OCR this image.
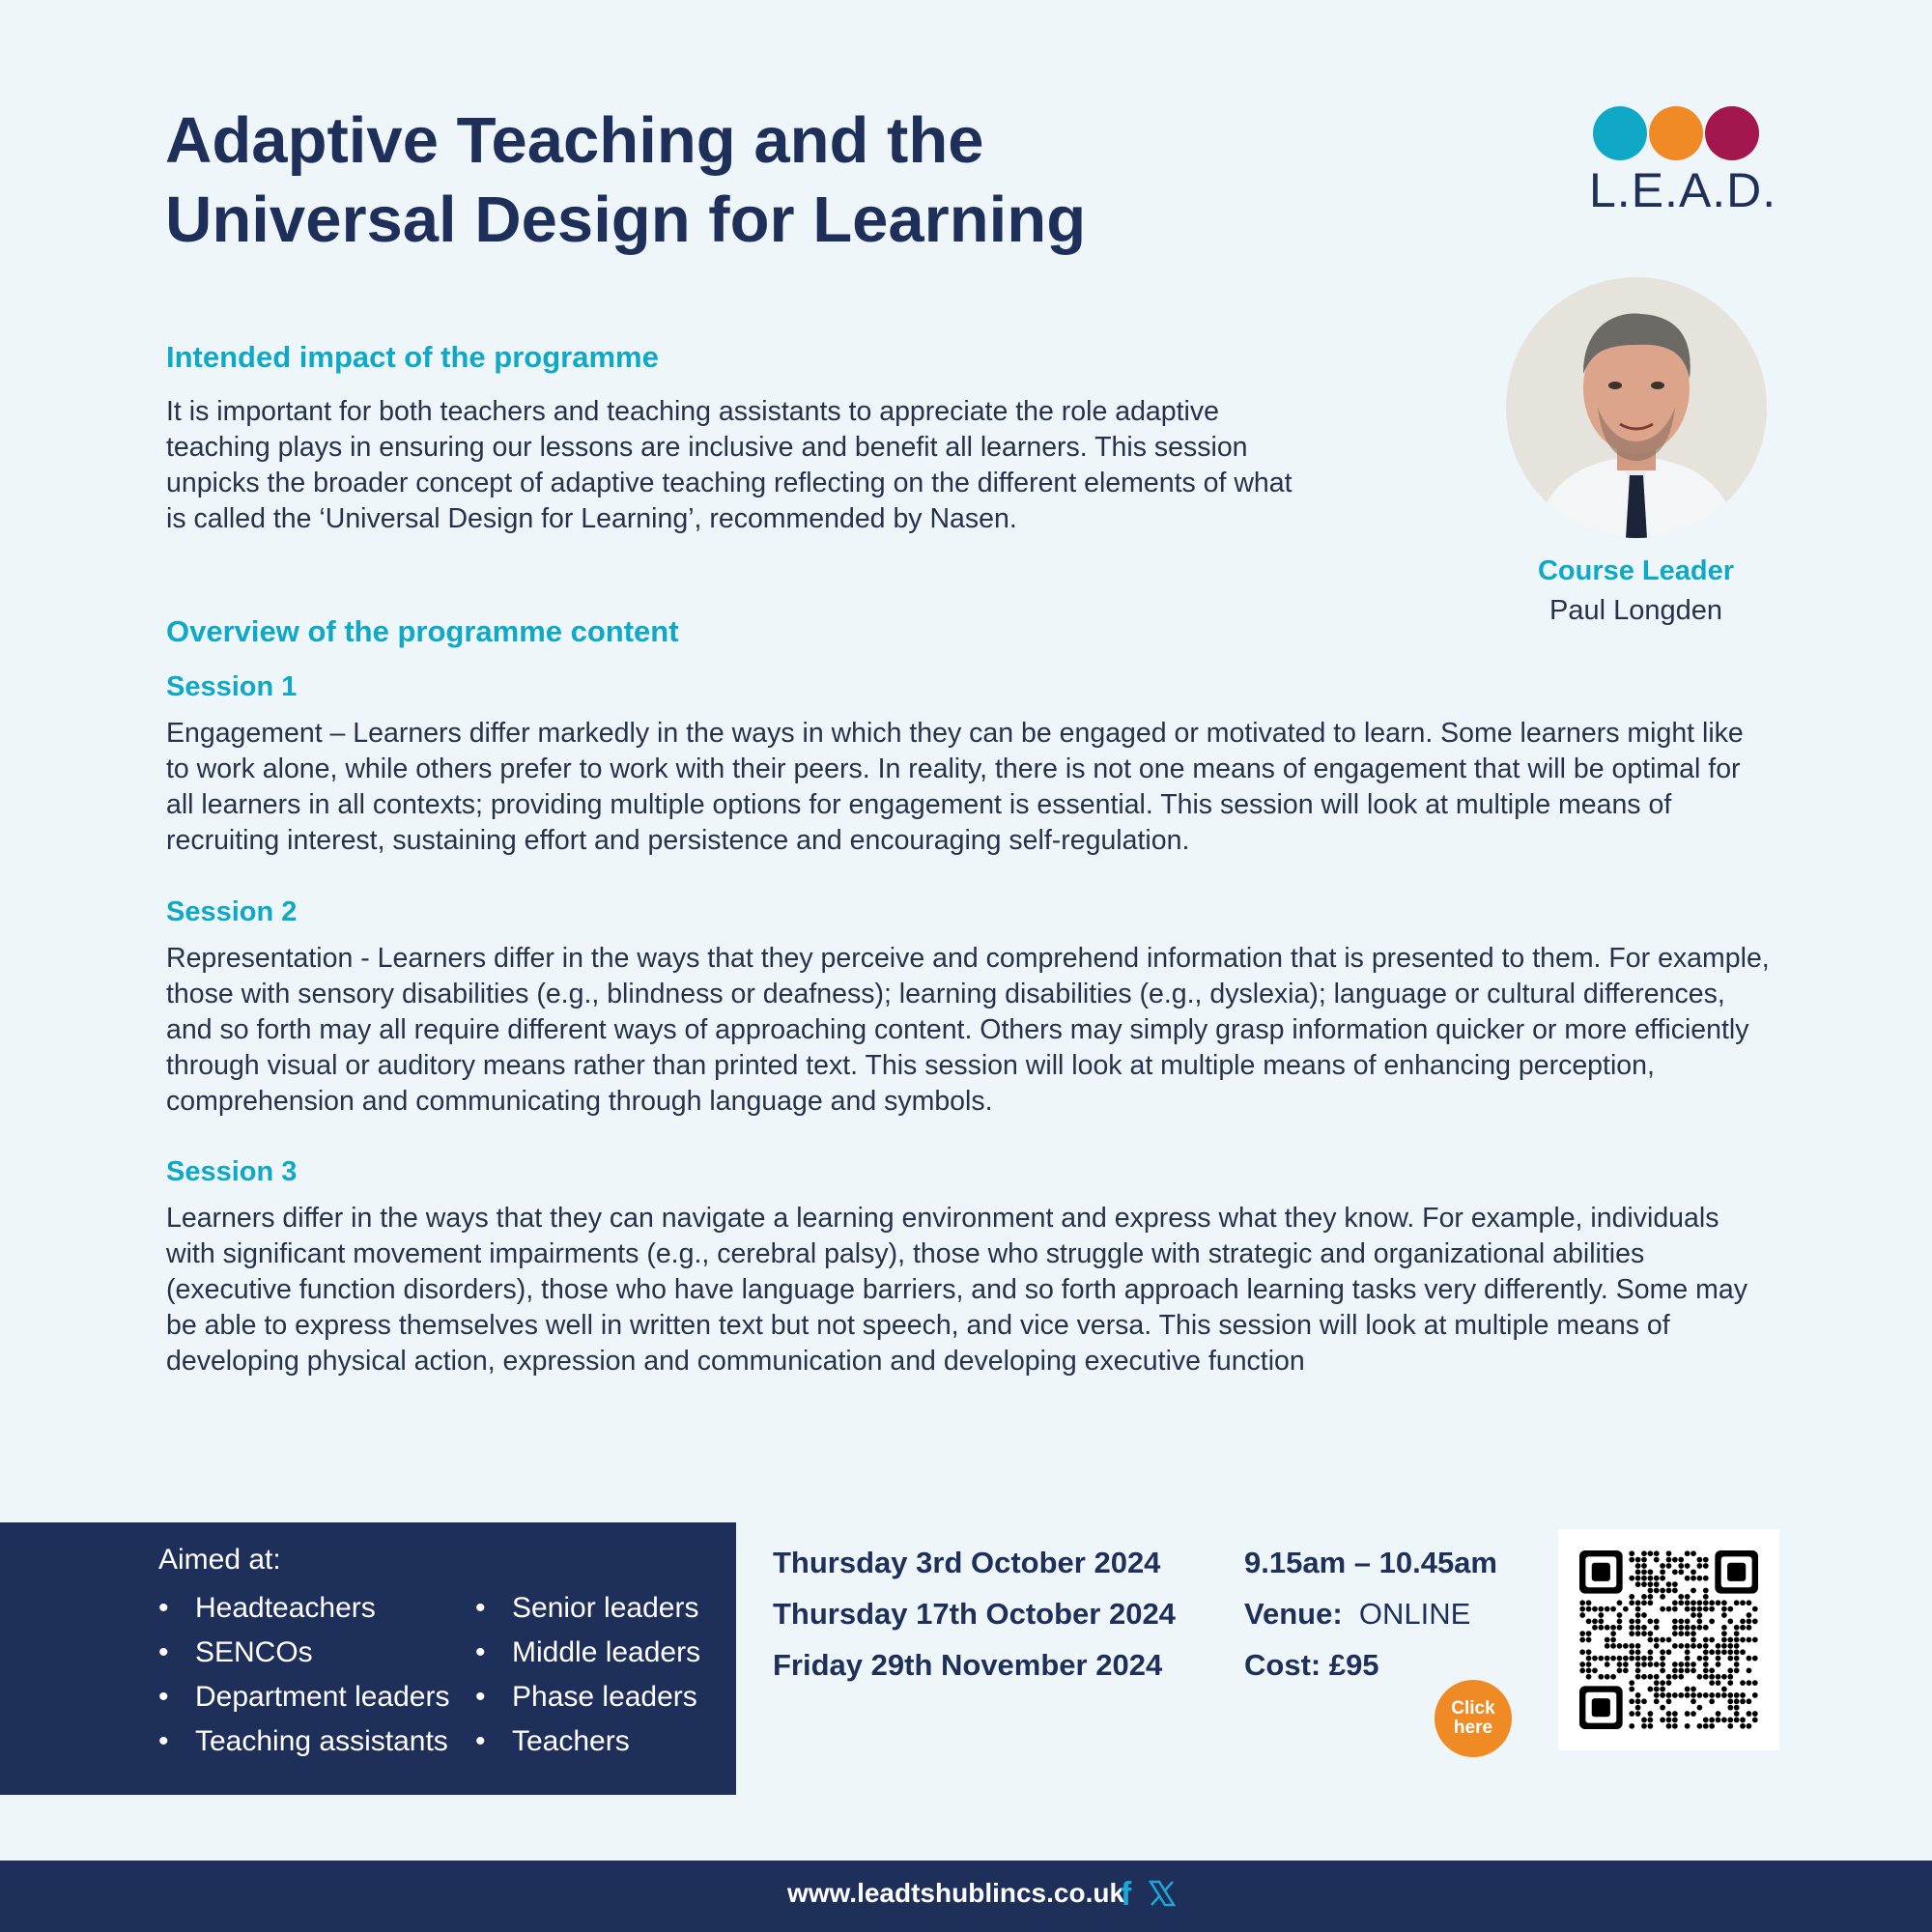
Adaptive Teaching and the
Universal Design for Learning	L.E.A.D.
Course Leader
Paul Longden
Intended impact of the programme

It is important for both teachers and teaching assistants to appreciate the role adaptive teaching plays in ensuring our lessons are inclusive and benefit all learners. This session unpicks the broader concept of adaptive teaching reflecting on the different elements of what is called the ‘Universal Design for Learning’, recommended by Nasen.

Overview of the programme content
Session 1

Engagement – Learners differ markedly in the ways in which they can be engaged or motivated to learn. Some learners might like to work alone, while others prefer to work with their peers. In reality, there is not one means of engagement that will be optimal for all learners in all contexts; providing multiple options for engagement is essential. This session will look at multiple means of recruiting interest, sustaining effort and persistence and encouraging self-regulation.

Session 2

Representation - Learners differ in the ways that they perceive and comprehend information that is presented to them. For example, those with sensory disabilities (e.g., blindness or deafness); learning disabilities (e.g., dyslexia); language or cultural differences, and so forth may all require different ways of approaching content. Others may simply grasp information quicker or more efficiently through visual or auditory means rather than printed text. This session will look at multiple means of enhancing perception, comprehension and communicating through language and symbols.

Session 3

Learners differ in the ways that they can navigate a learning environment and express what they know. For example, individuals with significant movement impairments (e.g., cerebral palsy), those who struggle with strategic and organizational abilities (executive function disorders), those who have language barriers, and so forth approach learning tasks very differently. Some may be able to express themselves well in written text but not speech, and vice versa. This session will look at multiple means of developing physical action, expression and communication and developing executive function

Aimed at:
• Headteachers
• SENCOs
• Department leaders
• Teaching assistants
• Senior leaders
• Middle leaders
• Phase leaders
• Teachers
Thursday 3rd October 2024
Thursday 17th October 2024
Friday 29th November 2024
9.15am – 10.45am
Venue: ONLINE
Cost: £95
Click
here
www.leadtshublincs.co.uk
f
